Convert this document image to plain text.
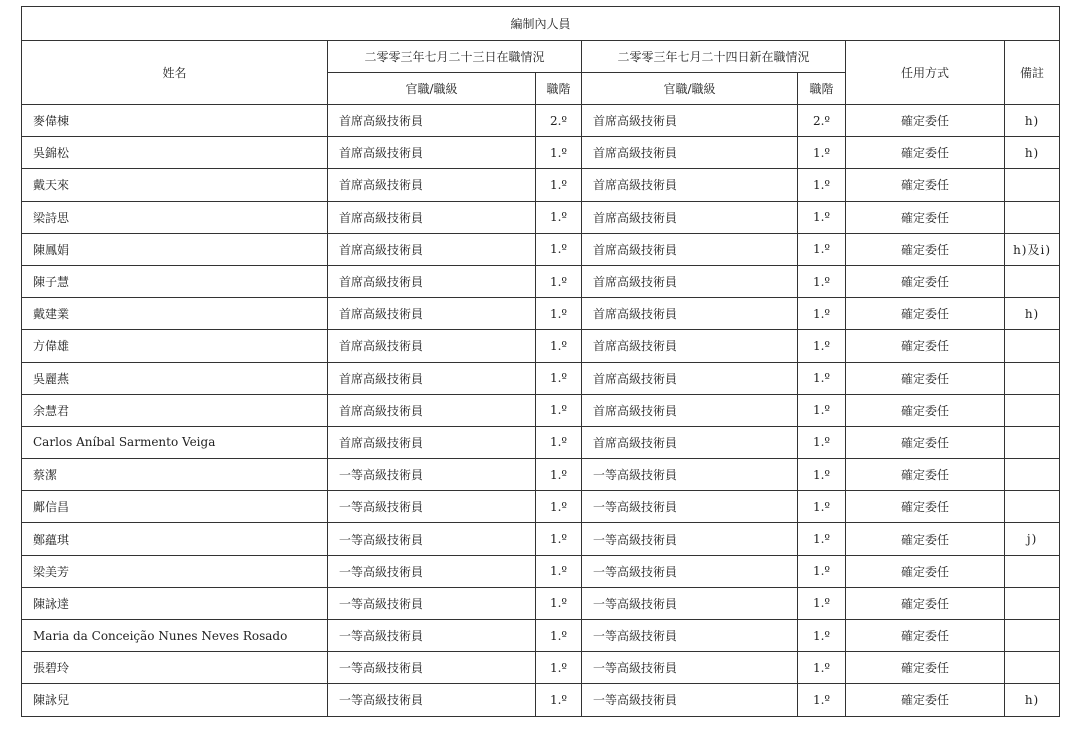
編制內人員						
姓名	二零零三年七月二十三日在職情況		二零零三年七月二十四日新在職情況		任用方式	備註
	官職/職級	職階	官職/職級	職階		
麥偉棟	首席高級技術員	2.º	首席高級技術員	2.º	確定委任	h)
吳錦松	首席高級技術員	1.º	首席高級技術員	1.º	確定委任	h)
戴天來	首席高級技術員	1.º	首席高級技術員	1.º	確定委任	
梁詩思	首席高級技術員	1.º	首席高級技術員	1.º	確定委任	
陳鳳娟	首席高級技術員	1.º	首席高級技術員	1.º	確定委任	h)及i)
陳子慧	首席高級技術員	1.º	首席高級技術員	1.º	確定委任	
戴建業	首席高級技術員	1.º	首席高級技術員	1.º	確定委任	h)
方偉雄	首席高級技術員	1.º	首席高級技術員	1.º	確定委任	
吳麗燕	首席高級技術員	1.º	首席高級技術員	1.º	確定委任	
余慧君	首席高級技術員	1.º	首席高級技術員	1.º	確定委任	
Carlos Aníbal Sarmento Veiga	首席高級技術員	1.º	首席高級技術員	1.º	確定委任	
蔡潔	一等高級技術員	1.º	一等高級技術員	1.º	確定委任	
鄺信昌	一等高級技術員	1.º	一等高級技術員	1.º	確定委任	
鄭蘊琪	一等高級技術員	1.º	一等高級技術員	1.º	確定委任	j)
梁美芳	一等高級技術員	1.º	一等高級技術員	1.º	確定委任	
陳詠達	一等高級技術員	1.º	一等高級技術員	1.º	確定委任	
Maria da Conceição Nunes Neves Rosado	一等高級技術員	1.º	一等高級技術員	1.º	確定委任	
張碧玲	一等高級技術員	1.º	一等高級技術員	1.º	確定委任	
陳詠兒	一等高級技術員	1.º	一等高級技術員	1.º	確定委任	h)
